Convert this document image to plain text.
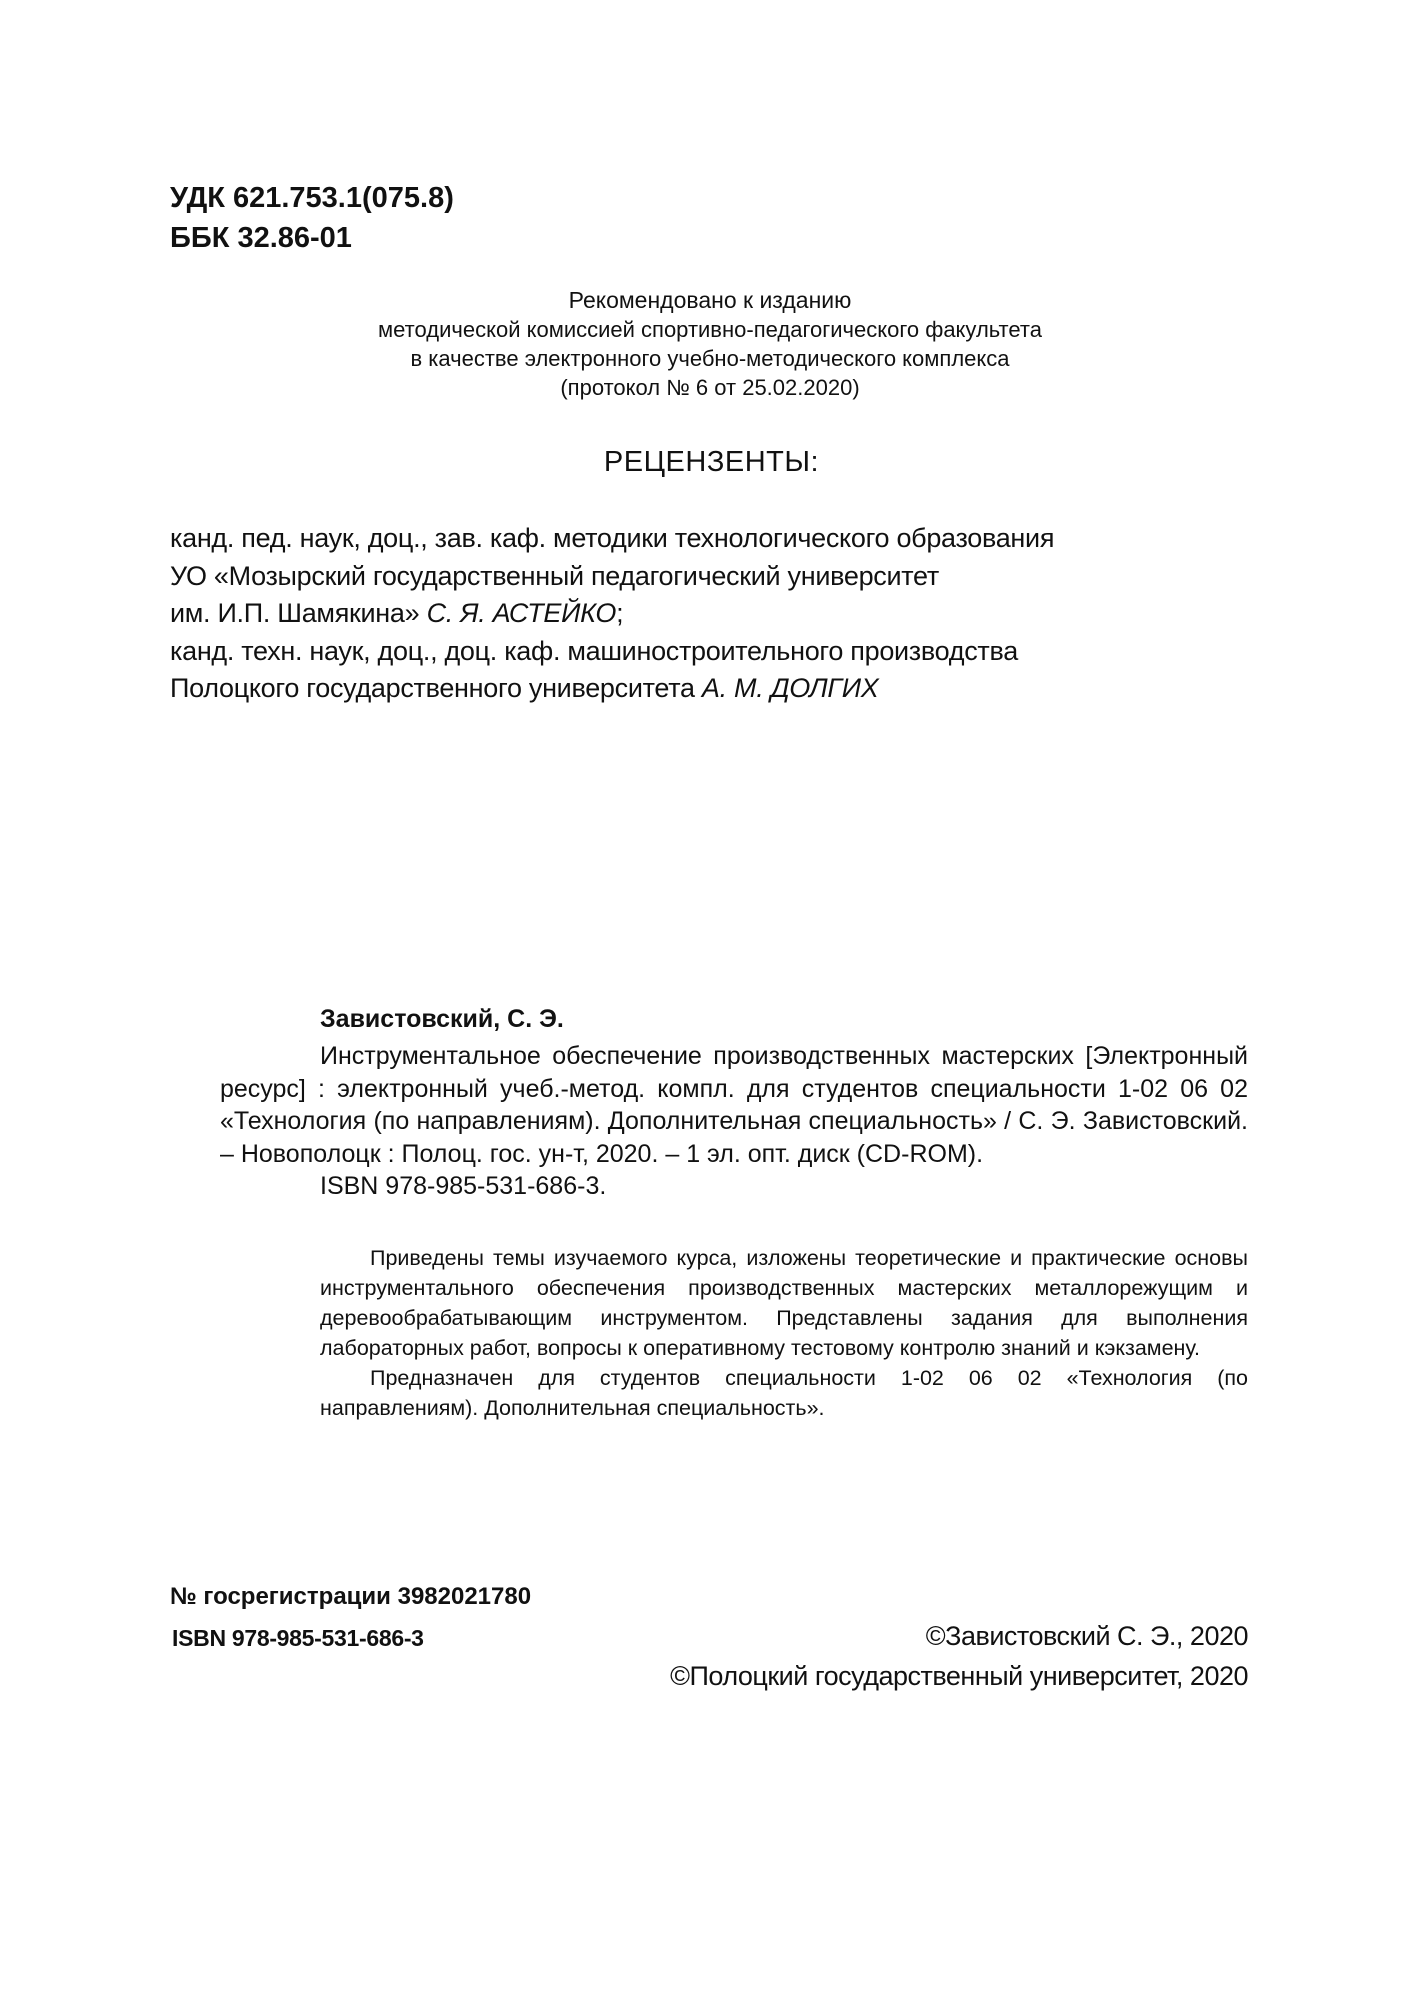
УДК 621.753.1(075.8)
ББК 32.86-01
Рекомендовано к изданию
методической комиссией спортивно-педагогического факультета
в качестве электронного учебно-методического комплекса
(протокол № 6 от 25.02.2020)
РЕЦЕНЗЕНТЫ:
канд. пед. наук, доц., зав. каф. методики технологического образования
УО «Мозырский государственный педагогический университет
им. И.П. Шамякина» С. Я. АСТЕЙКО;
канд. техн. наук, доц., доц. каф. машиностроительного производства
Полоцкого государственного университета А. М. ДОЛГИХ
Завистовский, С. Э.

Инструментальное обеспечение производственных мастерских [Электронный ресурс] : электронный учеб.-метод. компл. для студентов специальности 1-02 06 02 «Технология (по направлениям). Дополнительная специальность» / С. Э. Завистовский. – Новополоцк : Полоц. гос. ун-т, 2020. – 1 эл. опт. диск (CD-ROM).

ISBN 978-985-531-686-3.

Приведены темы изучаемого курса, изложены теоретические и практические основы инструментального обеспечения производственных мастерских металлорежущим и деревообрабатывающим инструментом. Представлены задания для выполнения лабораторных работ, вопросы к оперативному тестовому контролю знаний и кэкзамену.

Предназначен для студентов специальности 1-02 06 02 «Технология (по направлениям). Дополнительная специальность».

№ госрегистрации 3982021780
ISBN 978-985-531-686-3	©Завистовский С. Э., 2020
©Полоцкий государственный университет, 2020
